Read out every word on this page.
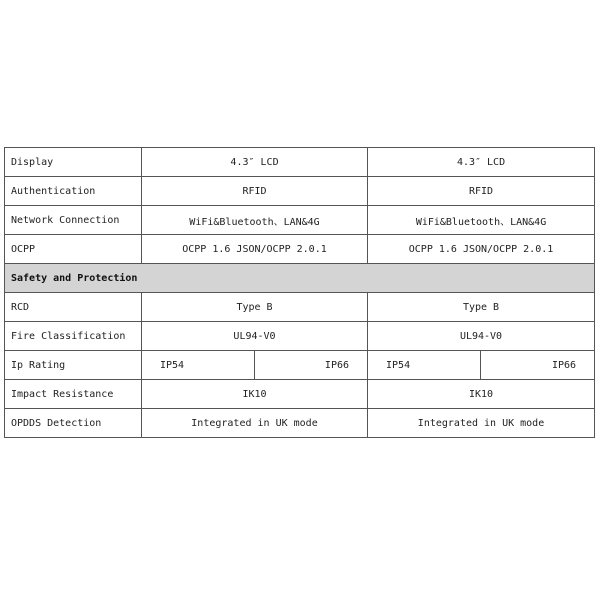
Display	4.3″ LCD		4.3″ LCD	
Authentication	RFID		RFID	
Network Connection	WiFi&Bluetooth、LAN&4G		WiFi&Bluetooth、LAN&4G	
OCPP	OCPP 1.6 JSON/OCPP 2.0.1		OCPP 1.6 JSON/OCPP 2.0.1	
Safety and Protection				
RCD	Type B		Type B	
Fire Classification	UL94-V0		UL94-V0	
Ip Rating	IP54	IP66	IP54	IP66
Impact Resistance	IK10		IK10	
OPDDS Detection	Integrated in UK mode		Integrated in UK mode	
